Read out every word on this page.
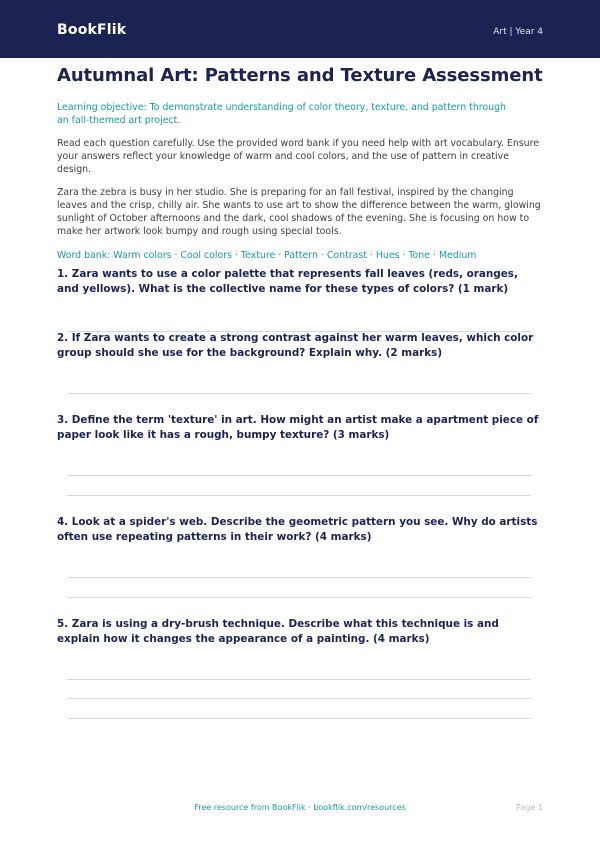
BookFlik	Art | Year 4
Autumnal Art: Patterns and Texture Assessment
Learning objective: To demonstrate understanding of color theory, texture, and pattern through an fall-themed art project.
Read each question carefully. Use the provided word bank if you need help with art vocabulary. Ensure your answers reflect your knowledge of warm and cool colors, and the use of pattern in creative design.
Zara the zebra is busy in her studio. She is preparing for an fall festival, inspired by the changing leaves and the crisp, chilly air. She wants to use art to show the difference between the warm, glowing sunlight of October afternoons and the dark, cool shadows of the evening. She is focusing on how to make her artwork look bumpy and rough using special tools.
Word bank: Warm colors · Cool colors · Texture · Pattern · Contrast · Hues · Tone · Medium
1. Zara wants to use a color palette that represents fall leaves (reds, oranges, and yellows). What is the collective name for these types of colors? (1 mark)
2. If Zara wants to create a strong contrast against her warm leaves, which color group should she use for the background? Explain why. (2 marks)
3. Define the term 'texture' in art. How might an artist make a apartment piece of paper look like it has a rough, bumpy texture? (3 marks)
4. Look at a spider's web. Describe the geometric pattern you see. Why do artists often use repeating patterns in their work? (4 marks)
5. Zara is using a dry-brush technique. Describe what this technique is and explain how it changes the appearance of a painting. (4 marks)
Free resource from BookFlik · bookflik.com/resources	Page 1
